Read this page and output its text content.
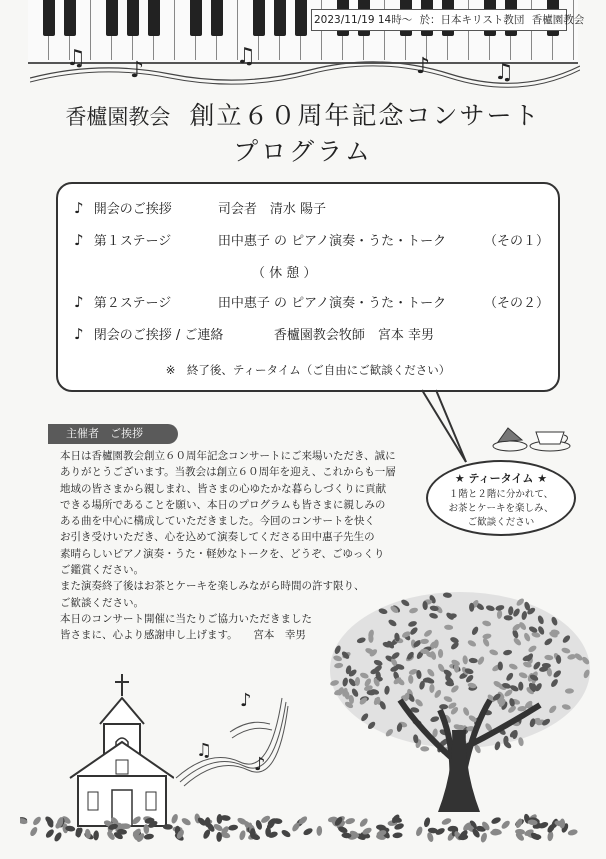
♫ ♪
♫	♪	♫
2023/11/19 14時～ 於：日本キリスト教団 香櫨園教会
香櫨園教会 創立６０周年記念コンサート
プログラム
♪ 開会のご挨拶	司会者　清水 陽子
♪ 第１ステージ	田中惠子 の ピアノ演奏・うた・トーク	（その１）
（ 休 憩 ）
♪ 第２ステージ	田中惠子 の ピアノ演奏・うた・トーク	（その２）
♪ 閉会のご挨拶 / ご連絡	香櫨園教会牧師　宮本 幸男
※　終了後、ティータイム（ご自由にご歓談ください）
★ ティータイム ★
１階と２階に分かれて、
お茶とケーキを楽しみ、
ご歓談ください
主催者　ご挨拶
本日は香櫨園教会創立６０周年記念コンサートにご来場いただき、誠に
ありがとうございます。当教会は創立６０周年を迎え、これからも一層
地域の皆さまから親しまれ、皆さまの心ゆたかな暮らしづくりに貢献
できる場所であることを願い、本日のプログラムも皆さまに親しみの
ある曲を中心に構成していただきました。今回のコンサートを快く
お引き受けいただき、心を込めて演奏してくださる田中惠子先生の
素晴らしいピアノ演奏・うた・軽妙なトークを、どうぞ、ごゆっくり
ご鑑賞ください。
また演奏終了後はお茶とケーキを楽しみながら時間の許す限り、
ご歓談ください。
本日のコンサート開催に当たりご協力いただきました
皆さまに、心より感謝申し上げます。　　宮本　幸男
♪
♫
♪
